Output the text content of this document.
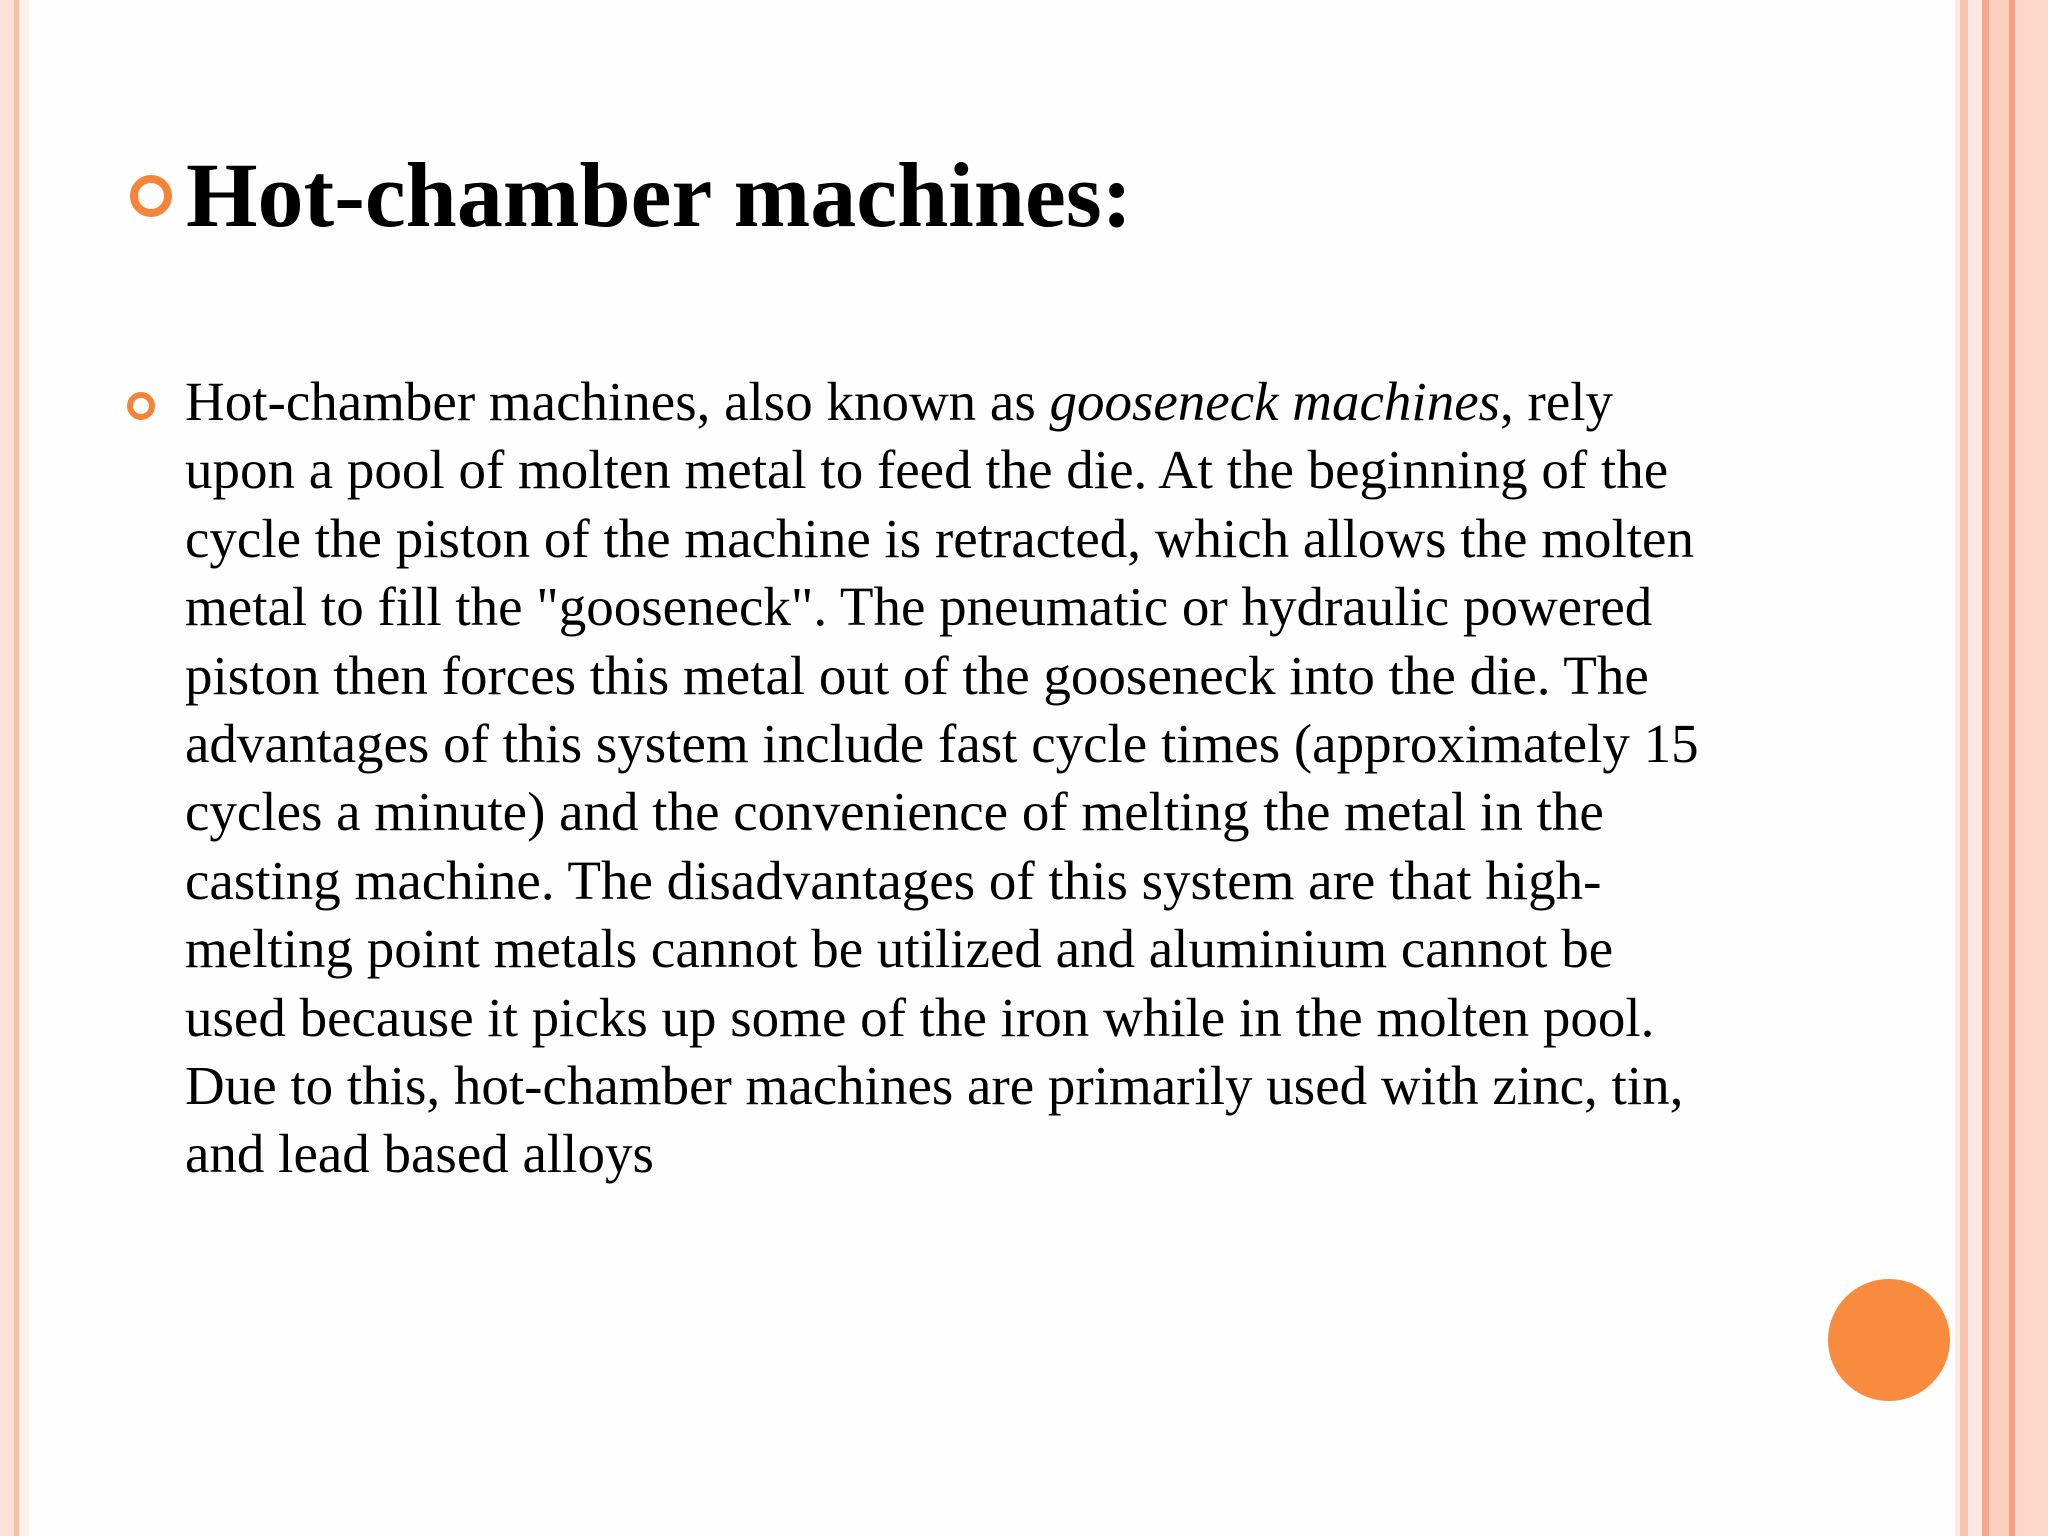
Hot-chamber machines:

Hot-chamber machines, also known as gooseneck machines, rely
upon a pool of molten metal to feed the die. At the beginning of the
cycle the piston of the machine is retracted, which allows the molten
metal to fill the "gooseneck". The pneumatic or hydraulic powered
piston then forces this metal out of the gooseneck into the die. The
advantages of this system include fast cycle times (approximately 15
cycles a minute) and the convenience of melting the metal in the
casting machine. The disadvantages of this system are that high-
melting point metals cannot be utilized and aluminium cannot be
used because it picks up some of the iron while in the molten pool.
Due to this, hot-chamber machines are primarily used with zinc, tin,
and lead based alloys
